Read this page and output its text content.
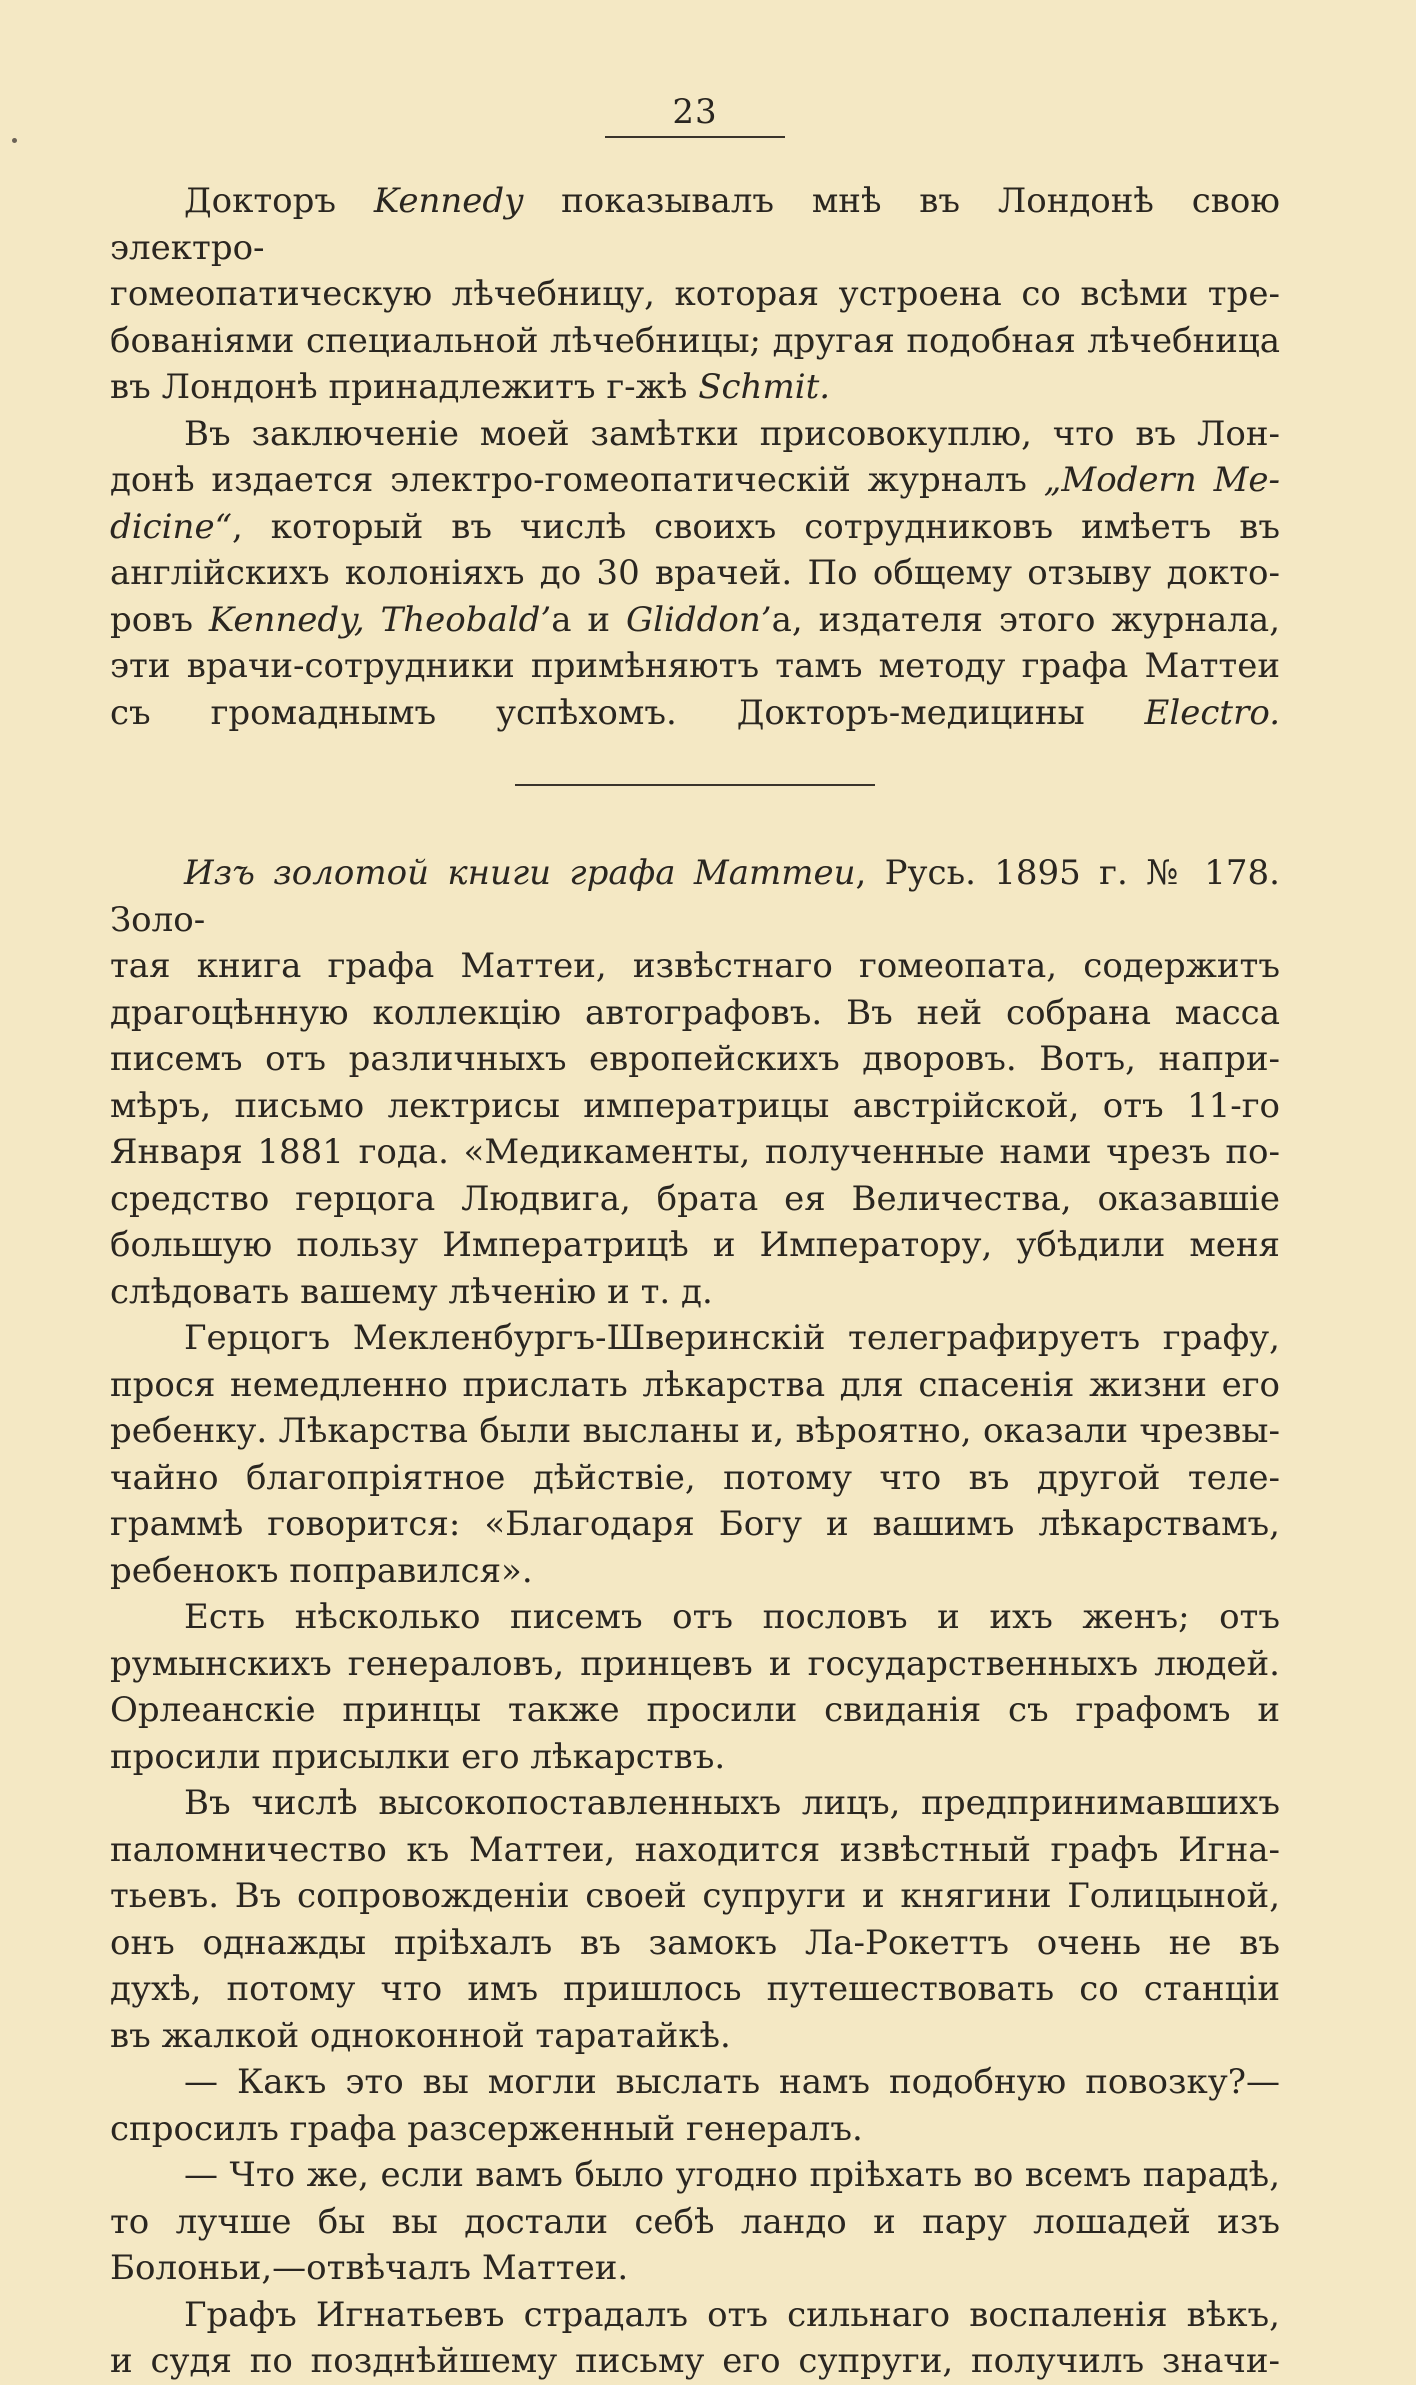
23

Докторъ Kennedy показывалъ мнѣ въ Лондонѣ свою электро-

гомеопатическую лѣчебницу, которая устроена со всѣми тре-

бованіями специальной лѣчебницы; другая подобная лѣчебница

въ Лондонѣ принадлежитъ г-жѣ Schmit.

Въ заключеніе моей замѣтки присовокуплю, что въ Лон-

донѣ издается электро-гомеопатическій журналъ „Modern Me-

dicine“, который въ числѣ своихъ сотрудниковъ имѣетъ въ

англійскихъ колоніяхъ до 30 врачей. По общему отзыву докто-

ровъ Kennedy, Theobald’а и Gliddon’а, издателя этого журнала,

эти врачи-сотрудники примѣняютъ тамъ методу графа Маттеи

съ громаднымъ успѣхомъ. Докторъ-медицины Electro.

Изъ золотой книги графа Маттеи, Русь. 1895 г. № 178. Золо-

тая книга графа Маттеи, извѣстнаго гомеопата, содержитъ

драгоцѣнную коллекцію автографовъ. Въ ней собрана масса

писемъ отъ различныхъ европейскихъ дворовъ. Вотъ, напри-

мѣръ, письмо лектрисы императрицы австрійской, отъ 11-го

Января 1881 года. «Медикаменты, полученные нами чрезъ по-

средство герцога Людвига, брата ея Величества, оказавшіе

большую пользу Императрицѣ и Императору, убѣдили меня

слѣдовать вашему лѣченію и т. д.

Герцогъ Мекленбургъ-Шверинскій телеграфируетъ графу,

прося немедленно прислать лѣкарства для спасенія жизни его

ребенку. Лѣкарства были высланы и, вѣроятно, оказали чрезвы-

чайно благопріятное дѣйствіе, потому что въ другой теле-

граммѣ говорится: «Благодаря Богу и вашимъ лѣкарствамъ,

ребенокъ поправился».

Есть нѣсколько писемъ отъ пословъ и ихъ женъ; отъ

румынскихъ генераловъ, принцевъ и государственныхъ людей.

Орлеанскіе принцы также просили свиданія съ графомъ и

просили присылки его лѣкарствъ.

Въ числѣ высокопоставленныхъ лицъ, предпринимавшихъ

паломничество къ Маттеи, находится извѣстный графъ Игна-

тьевъ. Въ сопровожденіи своей супруги и княгини Голицыной,

онъ однажды пріѣхалъ въ замокъ Ла-Рокеттъ очень не въ

духѣ, потому что имъ пришлось путешествовать со станціи

въ жалкой одноконной таратайкѣ.

— Какъ это вы могли выслать намъ подобную повозку?—

спросилъ графа разсерженный генералъ.

— Что же, если вамъ было угодно пріѣхать во всемъ парадѣ,

то лучше бы вы достали себѣ ландо и пару лошадей изъ

Болоньи,—отвѣчалъ Маттеи.

Графъ Игнатьевъ страдалъ отъ сильнаго воспаленія вѣкъ,

и судя по позднѣйшему письму его супруги, получилъ значи-
